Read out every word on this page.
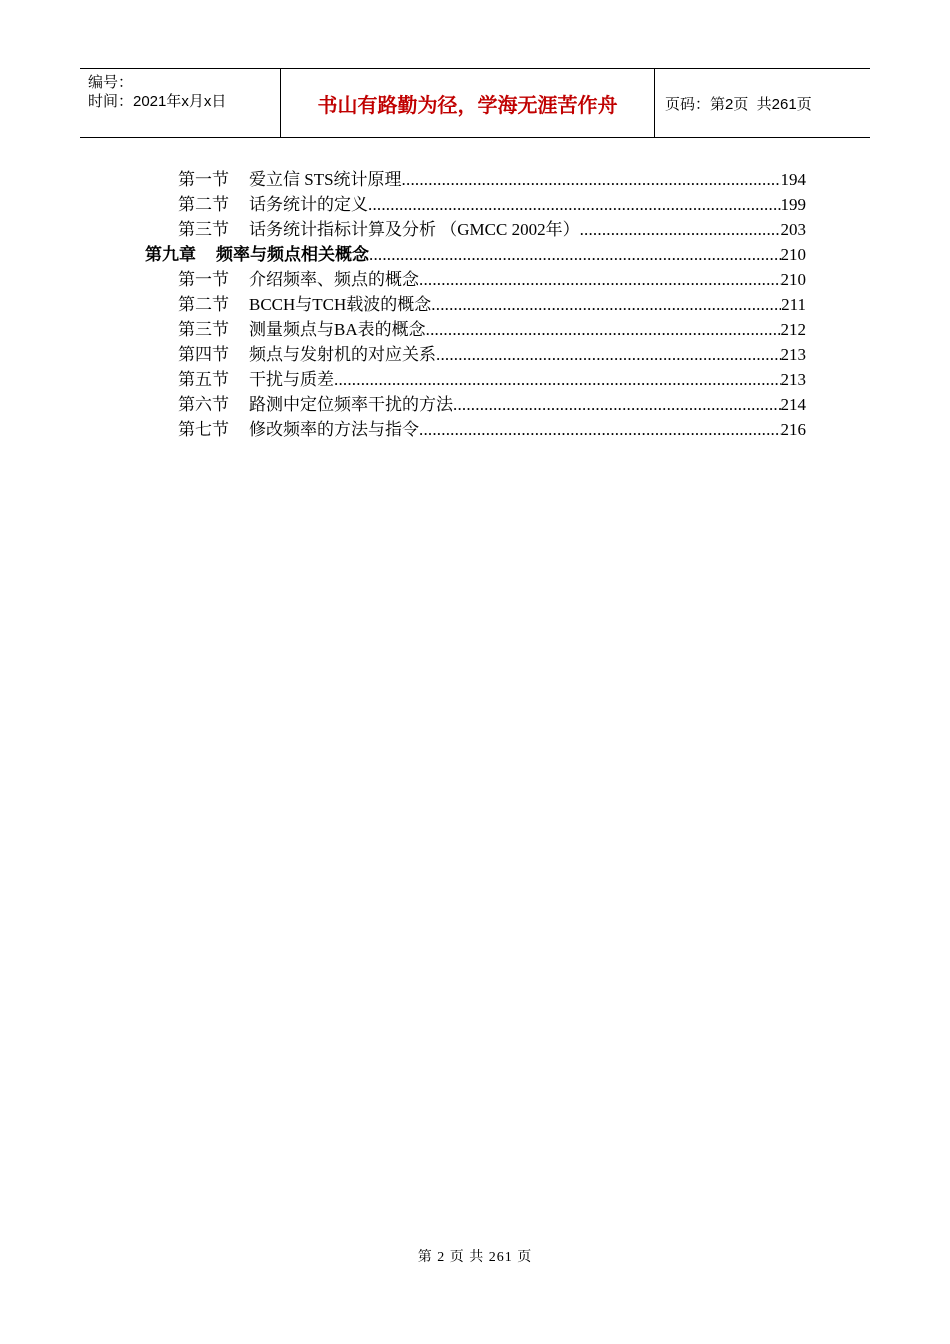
编号：
时间：2021年x月x日	书山有路勤为径，学海无涯苦作舟	页码：第2页  共261页
第一节	爱立信 STS统计原理 .....	194
第二节	话务统计的定义 .....	199
第三节	话务统计指标计算及分析 （GMCC 2002年） .....	203
第九章	频率与频点相关概念 .....	210
第一节	介绍频率、频点的概念 .....	210
第二节	BCCH与TCH载波的概念 .....	211
第三节	测量频点与BA表的概念 .....	212
第四节	频点与发射机的对应关系 .....	213
第五节	干扰与质差 .....	213
第六节	路测中定位频率干扰的方法 .....	214
第七节	修改频率的方法与指令 .....	216
第 2 页 共 261 页
